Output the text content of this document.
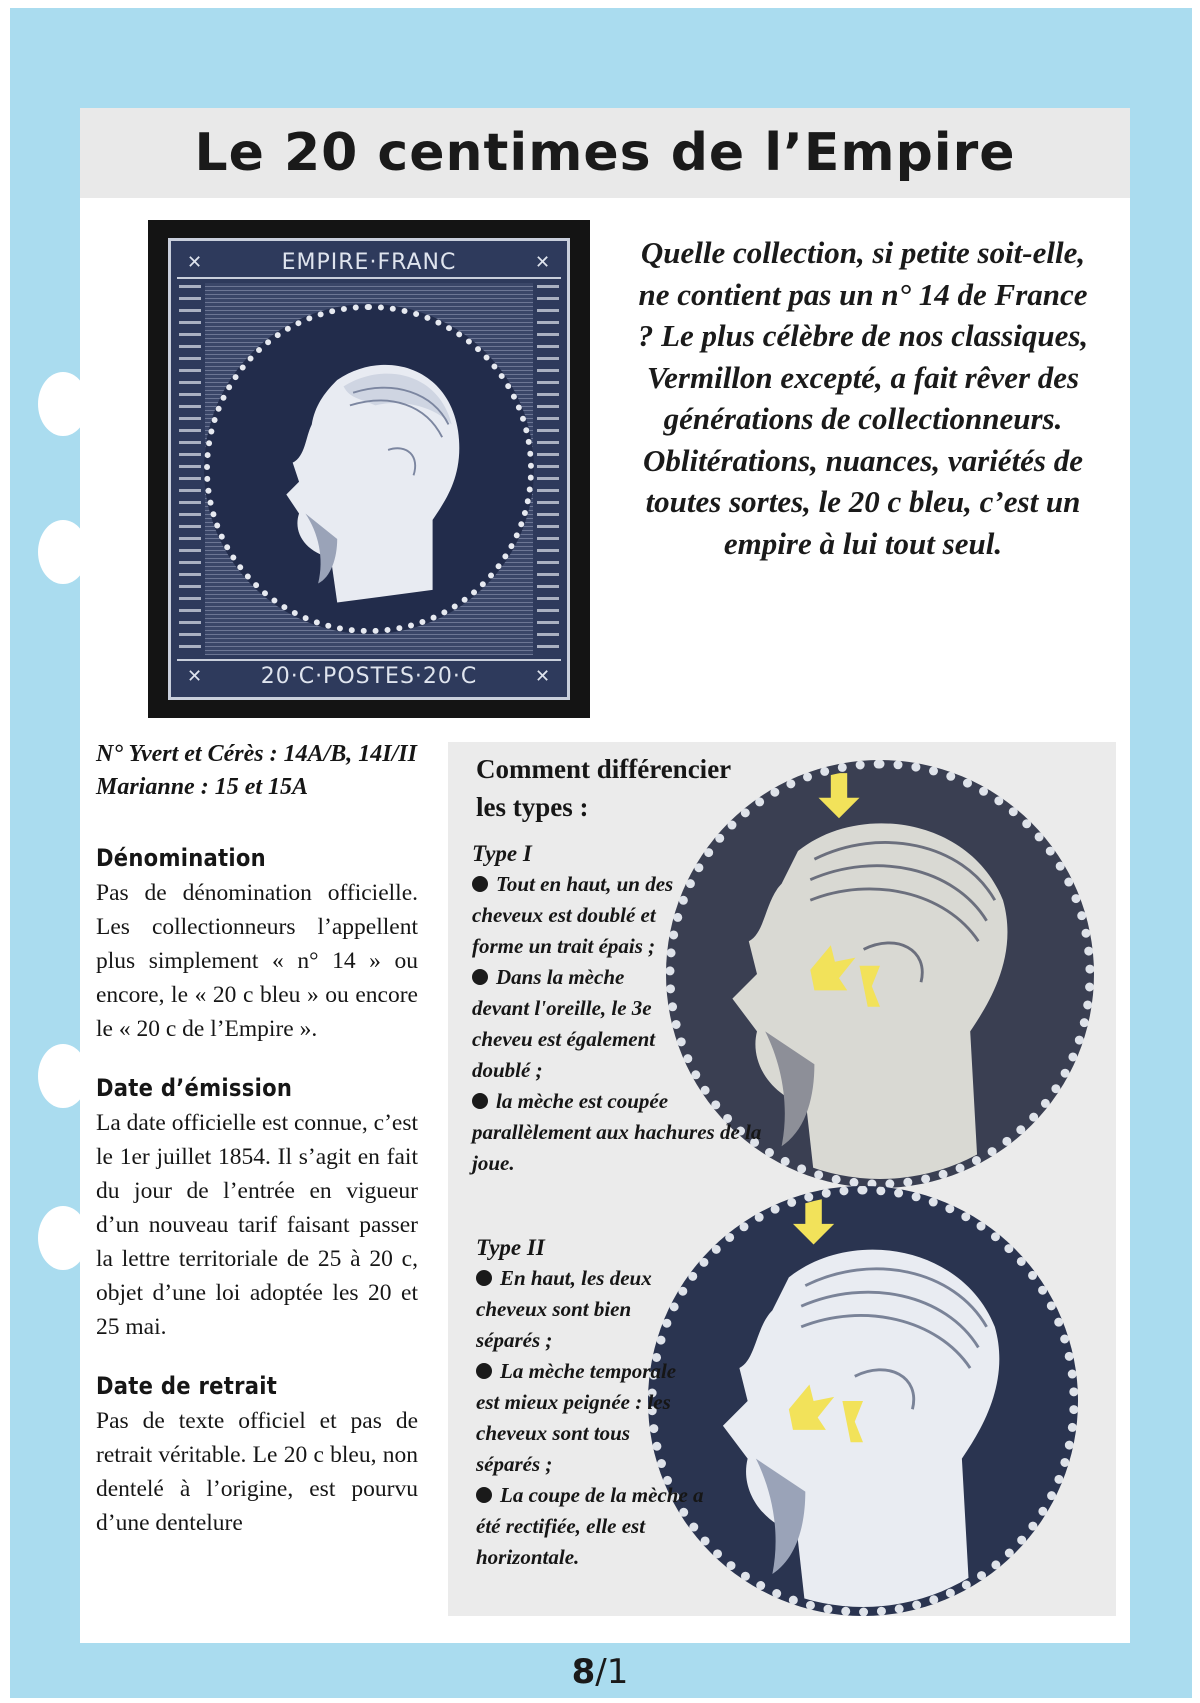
Le 20 centimes de l’Empire
✕	EMPIRE·FRANC	✕
✕	20·C·POSTES·20·C	✕

Quelle collection, si petite soit-elle, ne contient pas un n° 14 de France ? Le plus célèbre de nos classiques, Vermillon excepté, a fait rêver des générations de collectionneurs. Oblitérations, nuances, variétés de toutes sortes, le 20 c bleu, c’est un empire à lui tout seul.

N° Yvert et Cérès : 14A/B, 14I/II
Marianne : 15 et 15A
Dénomination

Pas de dénomination officielle. Les collectionneurs l’appellent plus simplement « n° 14 » ou encore, le « 20 c bleu » ou encore le « 20 c de l’Empire ».

Date d’émission

La date officielle est connue, c’est le 1er juillet 1854. Il s’agit en fait du jour de l’entrée en vigueur d’un nouveau tarif faisant passer la lettre territoriale de 25 à 20 c, objet d’une loi adoptée les 20 et 25 mai.

Date de retrait

Pas de texte officiel et pas de retrait véritable. Le 20 c bleu, non dentelé à l’origine, est pourvu d’une dentelure

Comment différencier
les types :
Type I
Tout en haut, un des cheveux est doublé et forme un trait épais ;
Dans la mèche devant l'oreille, le 3e cheveu est également doublé ;
la mèche est coupée parallèlement aux hachures de la joue.
Type II
En haut, les deux cheveux sont bien séparés ;
La mèche temporale est mieux peignée : les cheveux sont tous séparés ;
La coupe de la mèche a été rectifiée, elle est horizontale.
8/1
